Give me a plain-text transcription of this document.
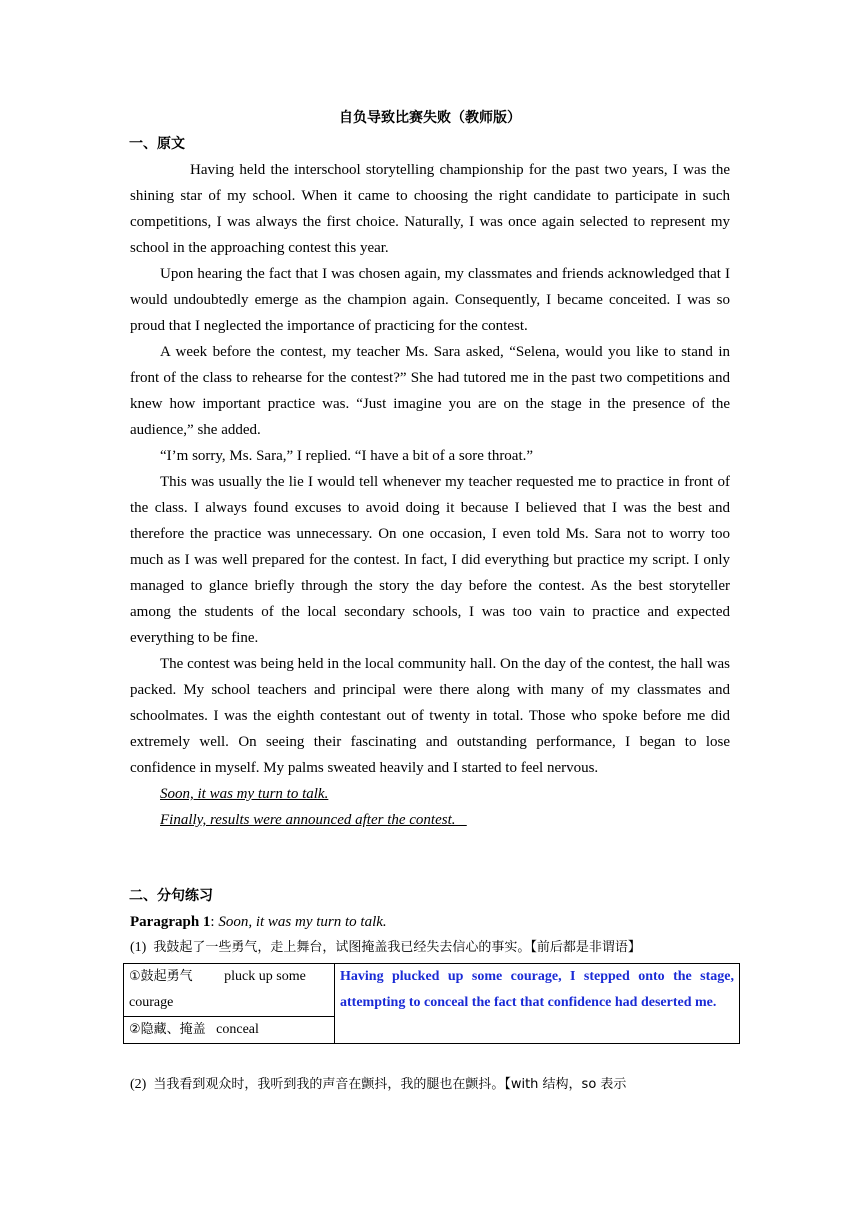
自负导致比赛失败（教师版）
一、原文

Having held the interschool storytelling championship for the past two years, I was the shining star of my school. When it came to choosing the right candidate to participate in such competitions, I was always the first choice. Naturally, I was once again selected to represent my school in the approaching contest this year.

Upon hearing the fact that I was chosen again, my classmates and friends acknowledged that I would undoubtedly emerge as the champion again. Consequently, I became conceited. I was so proud that I neglected the importance of practicing for the contest.

A week before the contest, my teacher Ms. Sara asked, “Selena, would you like to stand in front of the class to rehearse for the contest?” She had tutored me in the past two competitions and knew how important practice was. “Just imagine you are on the stage in the presence of the audience,” she added.

“I’m sorry, Ms. Sara,” I replied. “I have a bit of a sore throat.”

This was usually the lie I would tell whenever my teacher requested me to practice in front of the class. I always found excuses to avoid doing it because I believed that I was the best and therefore the practice was unnecessary. On one occasion, I even told Ms. Sara not to worry too much as I was well prepared for the contest. In fact, I did everything but practice my script. I only managed to glance briefly through the story the day before the contest. As the best storyteller among the students of the local secondary schools, I was too vain to practice and expected everything to be fine.

The contest was being held in the local community hall. On the day of the contest, the hall was packed. My school teachers and principal were there along with many of my classmates and schoolmates. I was the eighth contestant out of twenty in total. Those who spoke before me did extremely well. On seeing their fascinating and outstanding performance, I began to lose confidence in myself. My palms sweated heavily and I started to feel nervous.

Soon, it was my turn to talk.

Finally, results were announced after the contest.

二、分句练习
Paragraph 1: Soon, it was my turn to talk.
(1) 我鼓起了一些勇气，走上舞台，试图掩盖我已经失去信心的事实。【前后都是非谓语】
①鼓起勇气 pluck up some courage	Having plucked up some courage, I stepped onto the stage, attempting to conceal the fact that confidence had deserted me.
②隐藏、掩盖 conceal
(2) 当我看到观众时，我听到我的声音在颤抖，我的腿也在颤抖。【with 结构，so 表示
